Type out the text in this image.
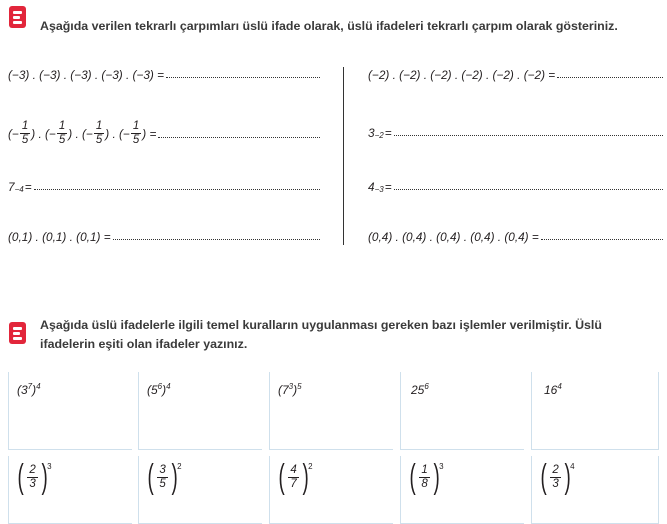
Aşağıda verilen tekrarlı çarpımları üslü ifade olarak, üslü ifadeleri tekrarlı çarpım olarak gösteriniz.
(−3) . (−3) . (−3) . (−3) . (−3) =
(− $\frac{1}{5}$ ) . (− $\frac{1}{5}$ ) . (− $\frac{1}{5}$ ) . (− $\frac{1}{5}$ ) =
$7_{-4}$ =
(0,1) . (0,1) . (0,1) =
(−2) . (−2) . (−2) . (−2) . (−2) . (−2) =
$3_{-2}$ =
$4_{-3}$ =
(0,4) . (0,4) . (0,4) . (0,4) . (0,4) =
Aşağıda üslü ifadelerle ilgili temel kuralların uygulanması gereken bazı işlemler verilmiştir. Üslü ifadelerin eşiti olan ifadeler yazınız.
$(3^7)^4$	$(5^6)^4$	$(7^3)^5$	$25^6$	$16^4$
( $\frac{2}{3} )^3$	( $\frac{3}{5} )^2$	( $\frac{4}{7} )^2$	( $\frac{1}{8} )^3$	( $\frac{2}{3} )^4$
